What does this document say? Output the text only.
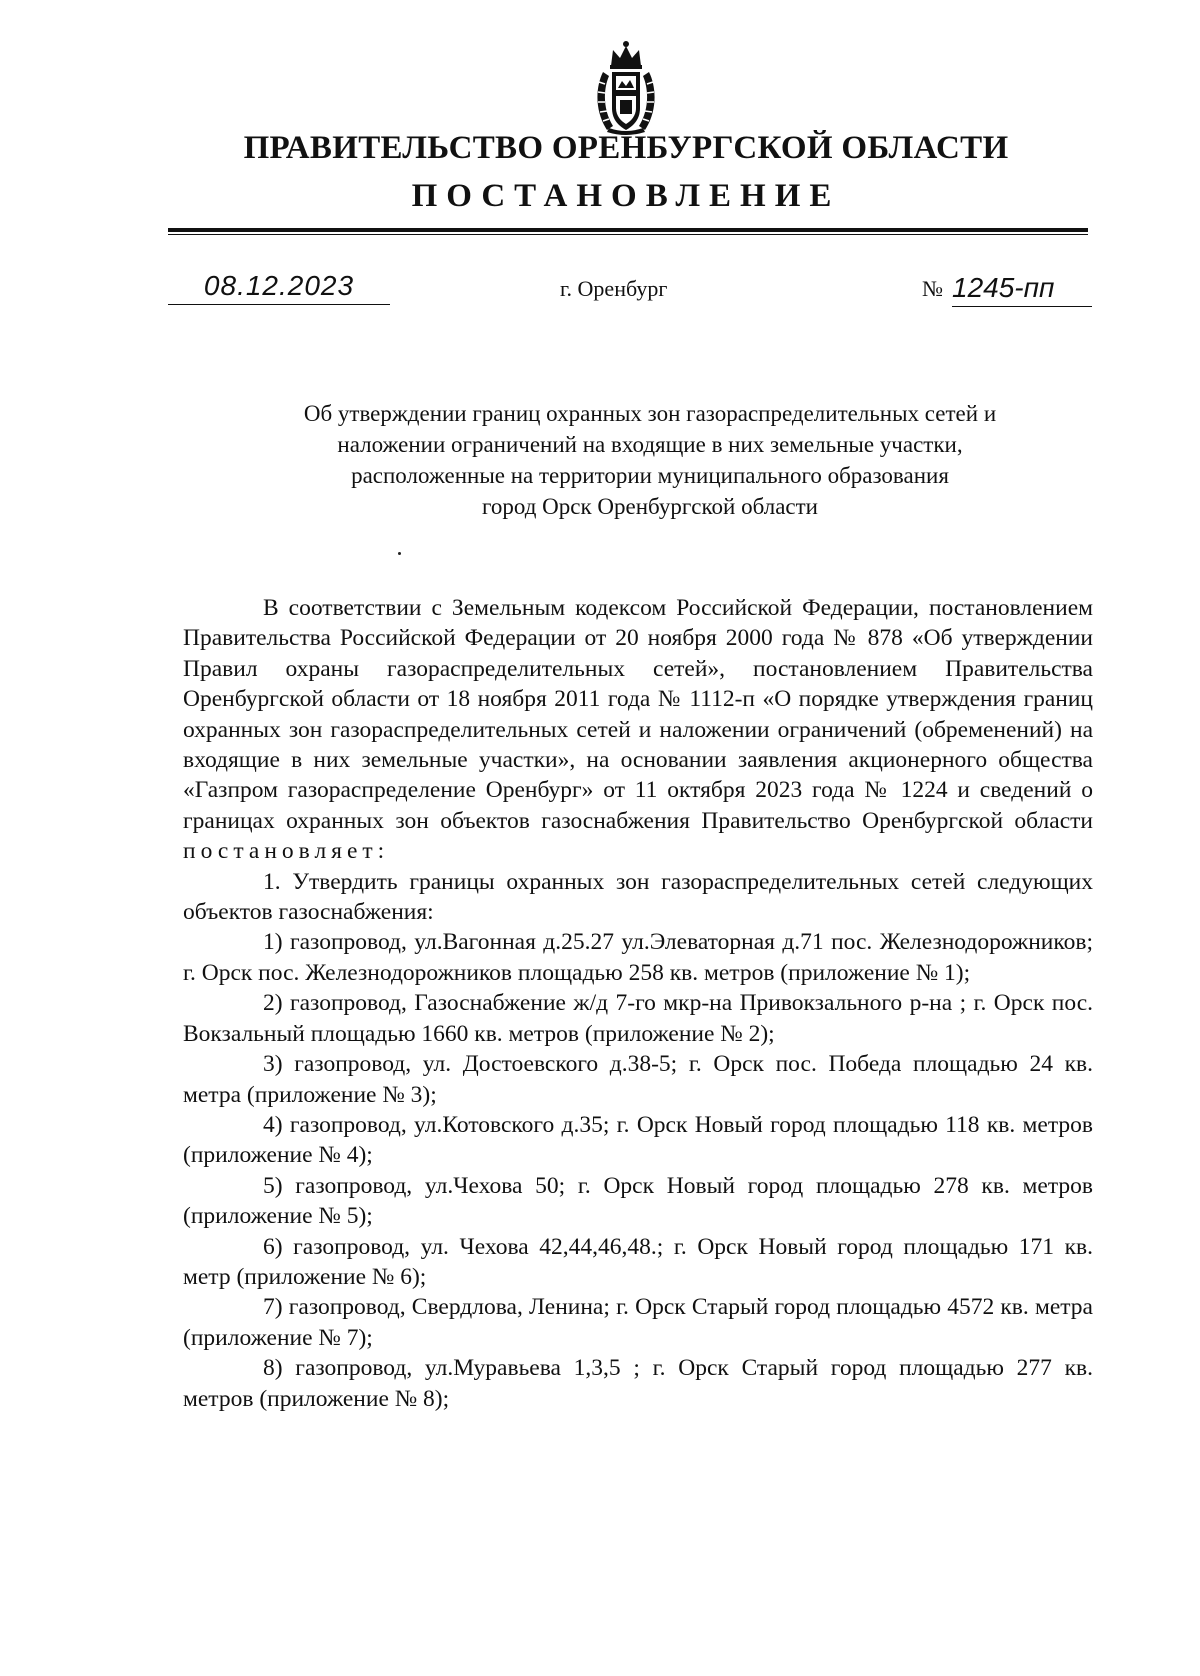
ПРАВИТЕЛЬСТВО ОРЕНБУРГСКОЙ ОБЛАСТИ
ПОСТАНОВЛЕНИЕ
08.12.2023	г. Оренбург	№ 1245-пп
Об утверждении границ охранных зон газораспределительных сетей и
наложении ограничений на входящие в них земельные участки,
расположенные на территории муниципального образования
город Орск Оренбургской области

В соответствии с Земельным кодексом Российской Федерации, постановлением Правительства Российской Федерации от 20 ноября 2000 года № 878 «Об утверждении Правил охраны газораспределительных сетей», постановлением Правительства Оренбургской области от 18 ноября 2011 года № 1112-п «О порядке утверждения границ охранных зон газораспределительных сетей и наложении ограничений (обременений) на входящие в них земельные участки», на основании заявления акционерного общества «Газпром газораспределение Оренбург» от 11 октября 2023 года № 1224 и сведений о границах охранных зон объектов газоснабжения Правительство Оренбургской области постановляет:

1. Утвердить границы охранных зон газораспределительных сетей следующих объектов газоснабжения:

1) газопровод, ул.Вагонная д.25.27 ул.Элеваторная д.71 пос. Железнодорожников; г. Орск пос. Железнодорожников площадью 258 кв. метров (приложение № 1);

2) газопровод, Газоснабжение ж/д 7-го мкр-на Привокзального р-на ; г. Орск пос. Вокзальный площадью 1660 кв. метров (приложение № 2);

3) газопровод, ул. Достоевского д.38-5; г. Орск пос. Победа площадью 24 кв. метра (приложение № 3);

4) газопровод, ул.Котовского д.35; г. Орск Новый город площадью 118 кв. метров (приложение № 4);

5) газопровод, ул.Чехова 50; г. Орск Новый город площадью 278 кв. метров (приложение № 5);

6) газопровод, ул. Чехова 42,44,46,48.; г. Орск Новый город площадью 171 кв. метр (приложение № 6);

7) газопровод, Свердлова, Ленина; г. Орск Старый город площадью 4572 кв. метра (приложение № 7);

8) газопровод, ул.Муравьева 1,3,5 ; г. Орск Старый город площадью 277 кв. метров (приложение № 8);
